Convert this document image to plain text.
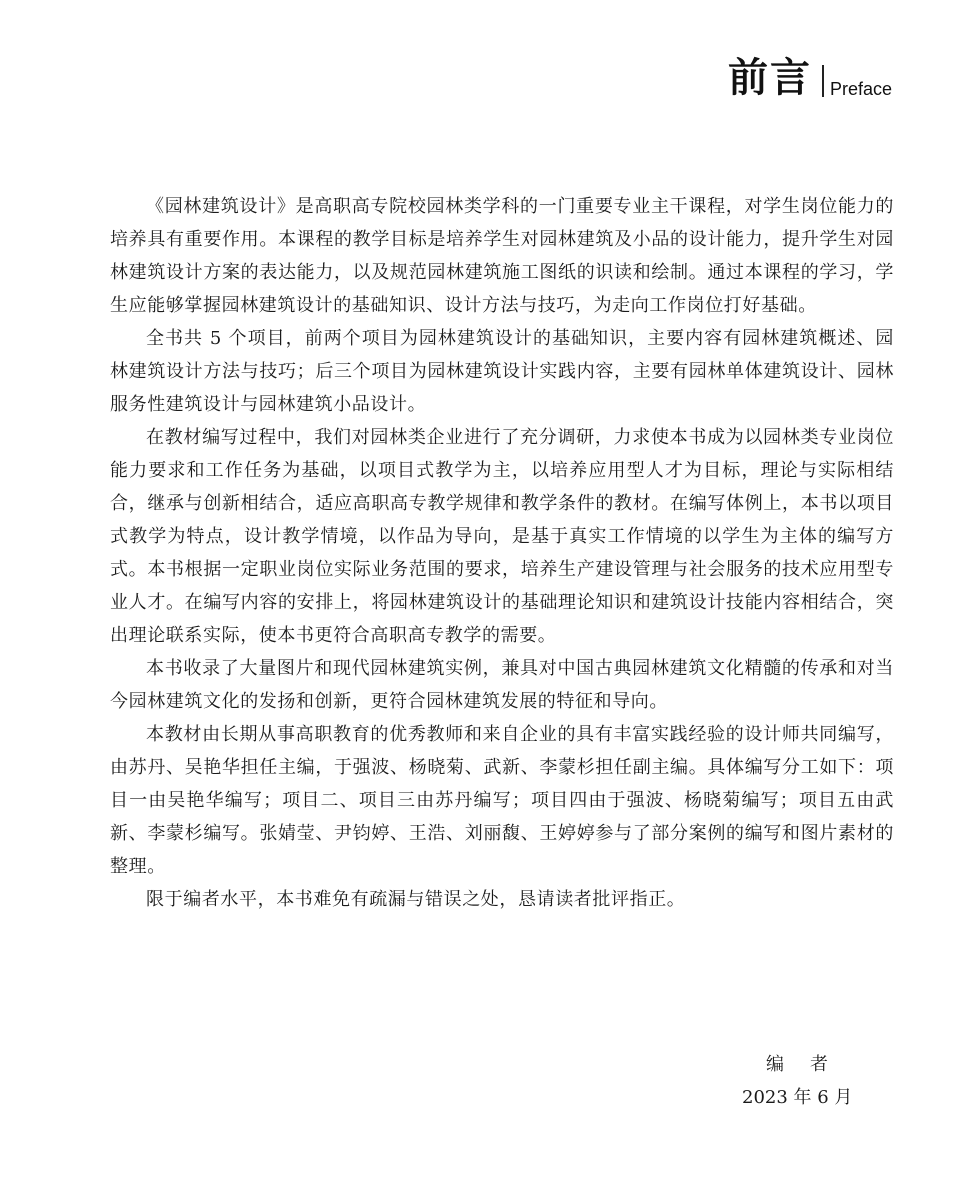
前言 Preface

《园林建筑设计》是高职高专院校园林类学科的一门重要专业主干课程，对学生岗位能力的培养具有重要作用。本课程的教学目标是培养学生对园林建筑及小品的设计能力，提升学生对园林建筑设计方案的表达能力，以及规范园林建筑施工图纸的识读和绘制。通过本课程的学习，学生应能够掌握园林建筑设计的基础知识、设计方法与技巧，为走向工作岗位打好基础。

全书共 5 个项目，前两个项目为园林建筑设计的基础知识，主要内容有园林建筑概述、园林建筑设计方法与技巧；后三个项目为园林建筑设计实践内容，主要有园林单体建筑设计、园林服务性建筑设计与园林建筑小品设计。

在教材编写过程中，我们对园林类企业进行了充分调研，力求使本书成为以园林类专业岗位能力要求和工作任务为基础，以项目式教学为主，以培养应用型人才为目标，理论与实际相结合，继承与创新相结合，适应高职高专教学规律和教学条件的教材。在编写体例上，本书以项目式教学为特点，设计教学情境，以作品为导向，是基于真实工作情境的以学生为主体的编写方式。本书根据一定职业岗位实际业务范围的要求，培养生产建设管理与社会服务的技术应用型专业人才。在编写内容的安排上，将园林建筑设计的基础理论知识和建筑设计技能内容相结合，突出理论联系实际，使本书更符合高职高专教学的需要。

本书收录了大量图片和现代园林建筑实例，兼具对中国古典园林建筑文化精髓的传承和对当今园林建筑文化的发扬和创新，更符合园林建筑发展的特征和导向。

本教材由长期从事高职教育的优秀教师和来自企业的具有丰富实践经验的设计师共同编写，由苏丹、吴艳华担任主编，于强波、杨晓菊、武新、李蒙杉担任副主编。具体编写分工如下：项目一由吴艳华编写；项目二、项目三由苏丹编写；项目四由于强波、杨晓菊编写；项目五由武新、李蒙杉编写。张婧莹、尹钧婷、王浩、刘丽馥、王婷婷参与了部分案例的编写和图片素材的整理。

限于编者水平，本书难免有疏漏与错误之处，恳请读者批评指正。

编者
2023 年 6 月
